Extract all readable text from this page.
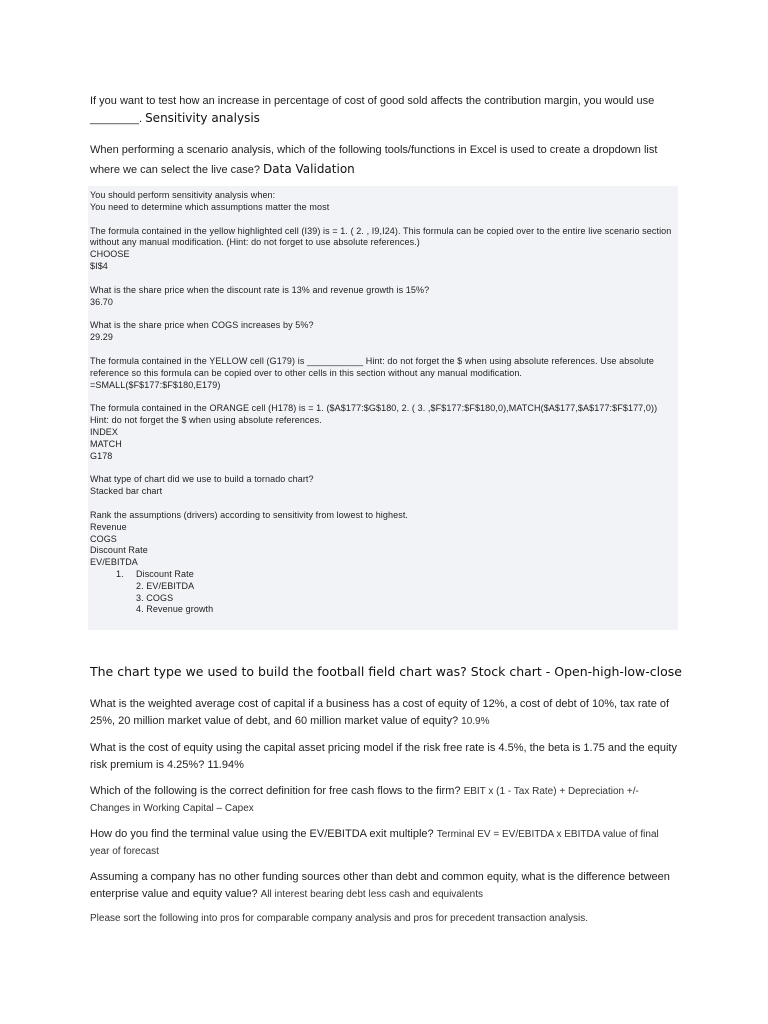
If you want to test how an increase in percentage of cost of good sold affects the contribution margin, you would use
________. Sensitivity analysis

When performing a scenario analysis, which of the following tools/functions in Excel is used to create a dropdown list
where we can select the live case? Data Validation

You should perform sensitivity analysis when:
You need to determine which assumptions matter the most
The formula contained in the yellow highlighted cell (I39) is = 1. ( 2. , I9,I24). This formula can be copied over to the entire live scenario section without any manual modification. (Hint: do not forget to use absolute references.)
CHOOSE
$I$4
What is the share price when the discount rate is 13% and revenue growth is 15%?
36.70
What is the share price when COGS increases by 5%?
29.29
The formula contained in the YELLOW cell (G179) is ___________ Hint: do not forget the $ when using absolute references. Use absolute reference so this formula can be copied over to other cells in this section without any manual modification.
=SMALL($F$177:$F$180,E179)
The formula contained in the ORANGE cell (H178) is = 1. ($A$177:$G$180, 2. ( 3. ,$F$177:$F$180,0),MATCH($A$177,$A$177:$F$177,0))
Hint: do not forget the $ when using absolute references.
INDEX
MATCH
G178
What type of chart did we use to build a tornado chart?
Stacked bar chart
Rank the assumptions (drivers) according to sensitivity from lowest to highest.
Revenue
COGS
Discount Rate
EV/EBITDA
1. Discount Rate
2. EV/EBITDA
3. COGS
4. Revenue growth
The chart type we used to build the football field chart was? Stock chart - Open-high-low-close

What is the weighted average cost of capital if a business has a cost of equity of 12%, a cost of debt of 10%, tax rate of 25%, 20 million market value of debt, and 60 million market value of equity? 10.9%

What is the cost of equity using the capital asset pricing model if the risk free rate is 4.5%, the beta is 1.75 and the equity risk premium is 4.25%? 11.94%

Which of the following is the correct definition for free cash flows to the firm? EBIT x (1 - Tax Rate) + Depreciation +/- Changes in Working Capital – Capex

How do you find the terminal value using the EV/EBITDA exit multiple? Terminal EV = EV/EBITDA x EBITDA value of final year of forecast

Assuming a company has no other funding sources other than debt and common equity, what is the difference between enterprise value and equity value? All interest bearing debt less cash and equivalents

Please sort the following into pros for comparable company analysis and pros for precedent transaction analysis.
